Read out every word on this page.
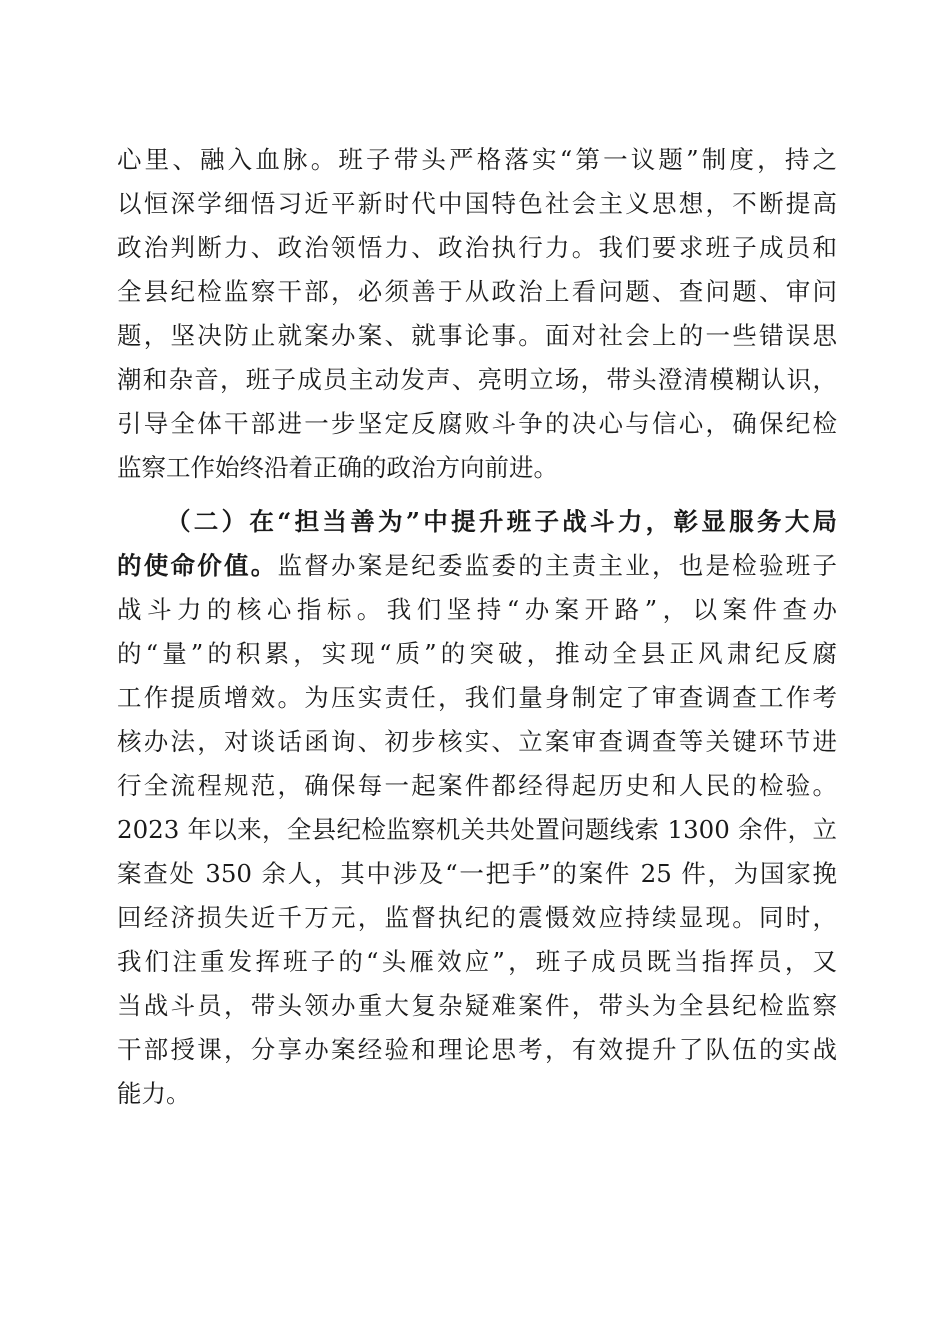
心里、融入血脉。班子带头严格落实“第一议题”制度，持之
以恒深学细悟习近平新时代中国特色社会主义思想，不断提高
政治判断力、政治领悟力、政治执行力。我们要求班子成员和
全县纪检监察干部，必须善于从政治上看问题、查问题、审问
题，坚决防止就案办案、就事论事。面对社会上的一些错误思
潮和杂音，班子成员主动发声、亮明立场，带头澄清模糊认识，
引导全体干部进一步坚定反腐败斗争的决心与信心，确保纪检
监察工作始终沿着正确的政治方向前进。
（二）在“担当善为”中提升班子战斗力，彰显服务大局
的使命价值。监督办案是纪委监委的主责主业，也是检验班子
战斗力的核心指标。我们坚持“办案开路”，以案件查办
的“量”的积累，实现“质”的突破，推动全县正风肃纪反腐
工作提质增效。为压实责任，我们量身制定了审查调查工作考
核办法，对谈话函询、初步核实、立案审查调查等关键环节进
行全流程规范，确保每一起案件都经得起历史和人民的检验。
2023 年以来，全县纪检监察机关共处置问题线索 1300 余件，立
案查处 350 余人，其中涉及“一把手”的案件 25 件，为国家挽
回经济损失近千万元，监督执纪的震慑效应持续显现。同时，
我们注重发挥班子的“头雁效应”，班子成员既当指挥员，又
当战斗员，带头领办重大复杂疑难案件，带头为全县纪检监察
干部授课，分享办案经验和理论思考，有效提升了队伍的实战
能力。
